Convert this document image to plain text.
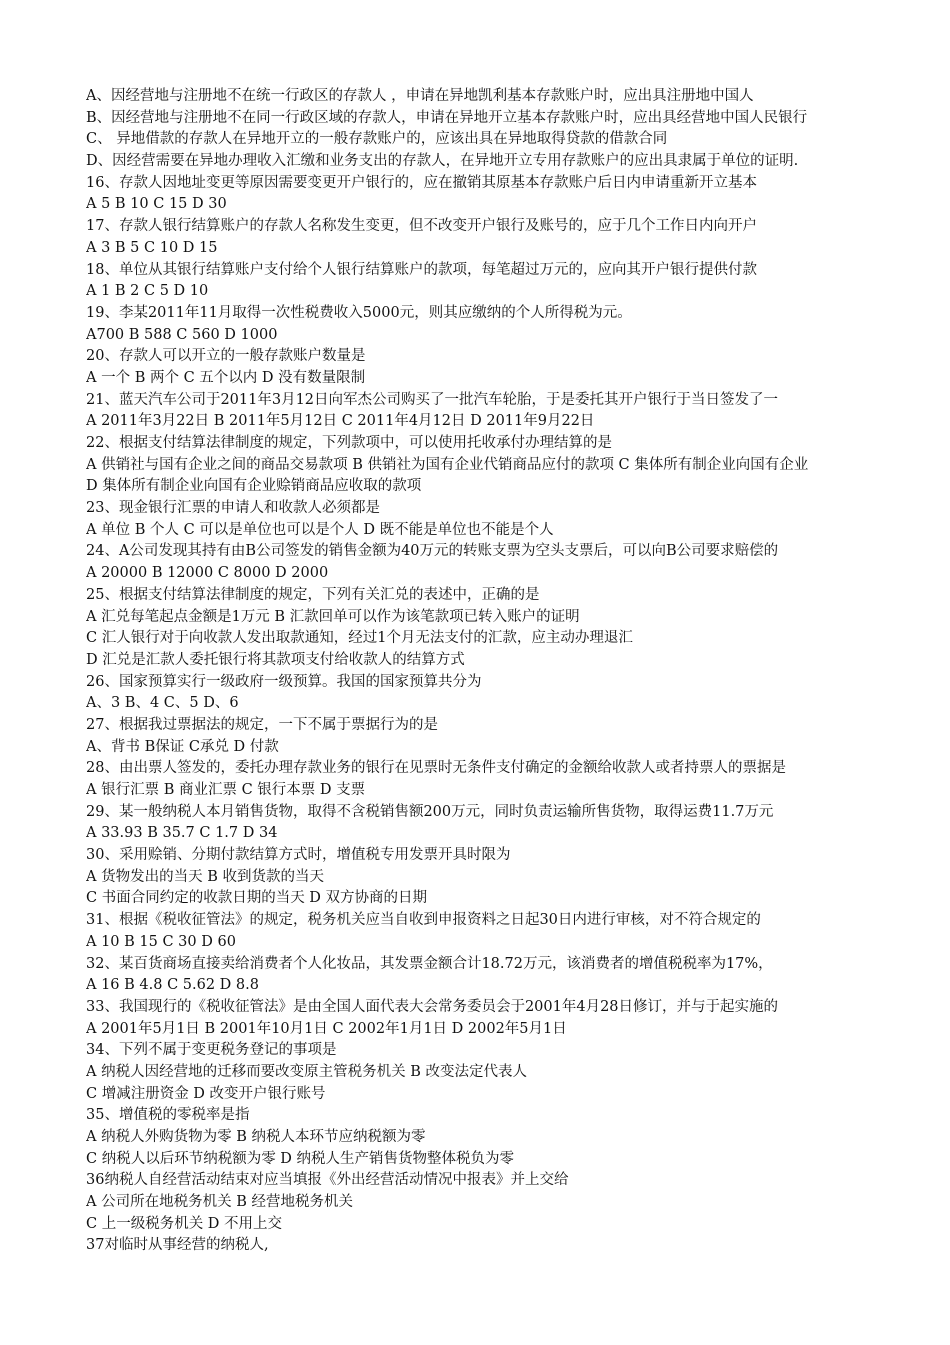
A、因经营地与注册地不在统一行政区的存款人 ，申请在异地凯利基本存款账户时，应出具注册地中国人
B、因经营地与注册地不在同一行政区域的存款人，申请在异地开立基本存款账户时，应出具经营地中国人民银行
C、 异地借款的存款人在异地开立的一般存款账户的，应该出具在异地取得贷款的借款合同
D、因经营需要在异地办理收入汇缴和业务支出的存款人，在异地开立专用存款账户的应出具隶属于单位的证明.
16、存款人因地址变更等原因需要变更开户银行的，应在撤销其原基本存款账户后日内申请重新开立基本
A 5 B 10 C 15 D 30
17、存款人银行结算账户的存款人名称发生变更，但不改变开户银行及账号的，应于几个工作日内向开户
A 3 B 5 C 10 D 15
18、单位从其银行结算账户支付给个人银行结算账户的款项，每笔超过万元的，应向其开户银行提供付款
A 1 B 2 C 5 D 10
19、李某2011年11月取得一次性税费收入5000元，则其应缴纳的个人所得税为元。
A700 B 588 C 560 D 1000
20、存款人可以开立的一般存款账户数量是
A 一个 B 两个 C 五个以内 D 没有数量限制
21、蓝天汽车公司于2011年3月12日向军杰公司购买了一批汽车轮胎，于是委托其开户银行于当日签发了一
A 2011年3月22日 B 2011年5月12日 C 2011年4月12日 D 2011年9月22日
22、根据支付结算法律制度的规定，下列款项中，可以使用托收承付办理结算的是
A 供销社与国有企业之间的商品交易款项 B 供销社为国有企业代销商品应付的款项 C 集体所有制企业向国有企业
D 集体所有制企业向国有企业赊销商品应收取的款项
23、现金银行汇票的申请人和收款人必须都是
A 单位 B 个人 C 可以是单位也可以是个人 D 既不能是单位也不能是个人
24、A公司发现其持有由B公司签发的销售金额为40万元的转账支票为空头支票后，可以向B公司要求赔偿的
A 20000 B 12000 C 8000 D 2000
25、根据支付结算法律制度的规定，下列有关汇兑的表述中，正确的是
A 汇兑每笔起点金额是1万元 B 汇款回单可以作为该笔款项已转入账户的证明
C 汇人银行对于向收款人发出取款通知，经过1个月无法支付的汇款，应主动办理退汇
D 汇兑是汇款人委托银行将其款项支付给收款人的结算方式
26、国家预算实行一级政府一级预算。我国的国家预算共分为
A、3 B、4 C、5 D、6
27、根据我过票据法的规定，一下不属于票据行为的是
A、背书 B保证 C承兑 D 付款
28、由出票人签发的，委托办理存款业务的银行在见票时无条件支付确定的金额给收款人或者持票人的票据是
A 银行汇票 B 商业汇票 C 银行本票 D 支票
29、某一般纳税人本月销售货物，取得不含税销售额200万元，同时负责运输所售货物，取得运费11.7万元
A 33.93 B 35.7 C 1.7 D 34
30、采用赊销、分期付款结算方式时，增值税专用发票开具时限为
A 货物发出的当天 B 收到货款的当天
C 书面合同约定的收款日期的当天 D 双方协商的日期
31、根据《税收征管法》的规定，税务机关应当自收到申报资料之日起30日内进行审核，对不符合规定的
A 10 B 15 C 30 D 60
32、某百货商场直接卖给消费者个人化妆品，其发票金额合计18.72万元，该消费者的增值税税率为17%，
A 16 B 4.8 C 5.62 D 8.8
33、我国现行的《税收征管法》是由全国人面代表大会常务委员会于2001年4月28日修订，并与于起实施的
A 2001年5月1日 B 2001年10月1日 C 2002年1月1日 D 2002年5月1日
34、下列不属于变更税务登记的事项是
A 纳税人因经营地的迁移而要改变原主管税务机关 B 改变法定代表人
C 增减注册资金 D 改变开户银行账号
35、增值税的零税率是指
A 纳税人外购货物为零 B 纳税人本环节应纳税额为零
C 纳税人以后环节纳税额为零 D 纳税人生产销售货物整体税负为零
36纳税人自经营活动结束对应当填报《外出经营活动情况中报表》并上交给
A 公司所在地税务机关 B 经营地税务机关
C 上一级税务机关 D 不用上交
37对临时从事经营的纳税人,
